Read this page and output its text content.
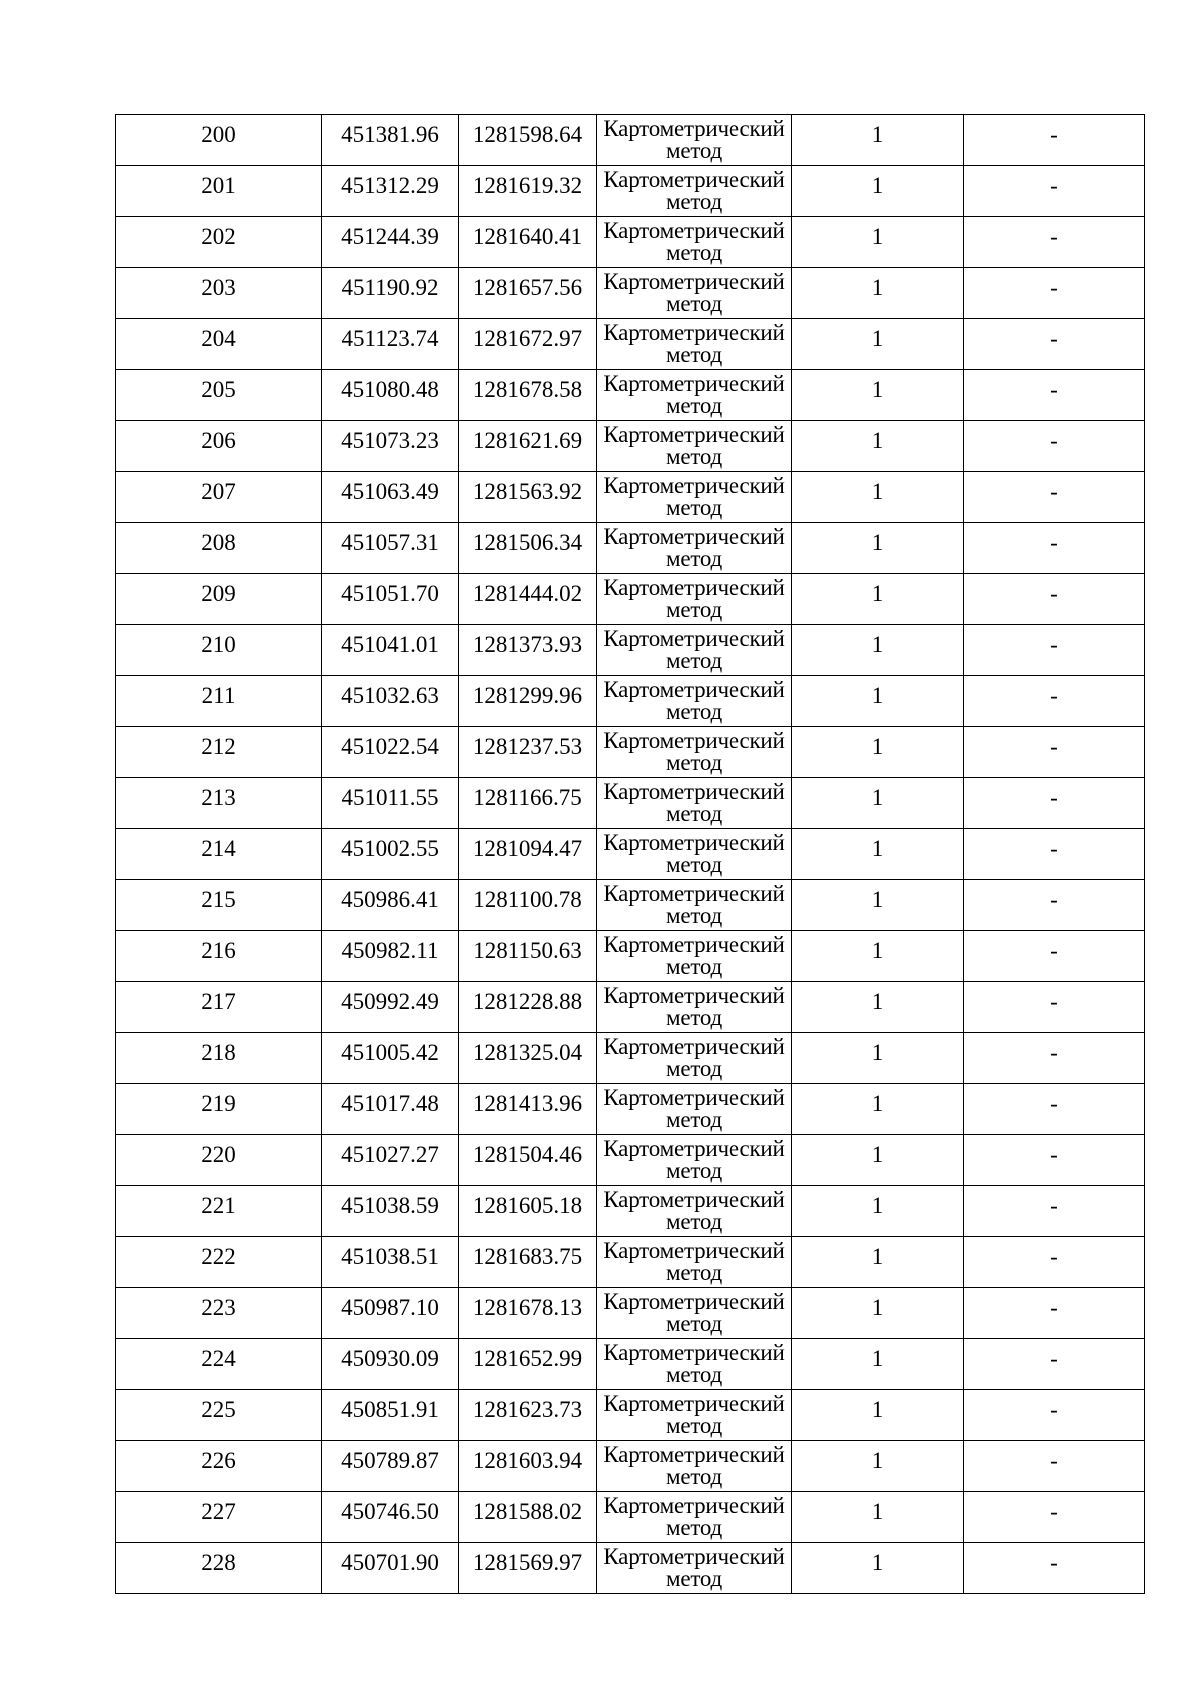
200	451381.96	1281598.64	Картометрический
метод	1	-
201	451312.29	1281619.32	Картометрический
метод	1	-
202	451244.39	1281640.41	Картометрический
метод	1	-
203	451190.92	1281657.56	Картометрический
метод	1	-
204	451123.74	1281672.97	Картометрический
метод	1	-
205	451080.48	1281678.58	Картометрический
метод	1	-
206	451073.23	1281621.69	Картометрический
метод	1	-
207	451063.49	1281563.92	Картометрический
метод	1	-
208	451057.31	1281506.34	Картометрический
метод	1	-
209	451051.70	1281444.02	Картометрический
метод	1	-
210	451041.01	1281373.93	Картометрический
метод	1	-
211	451032.63	1281299.96	Картометрический
метод	1	-
212	451022.54	1281237.53	Картометрический
метод	1	-
213	451011.55	1281166.75	Картометрический
метод	1	-
214	451002.55	1281094.47	Картометрический
метод	1	-
215	450986.41	1281100.78	Картометрический
метод	1	-
216	450982.11	1281150.63	Картометрический
метод	1	-
217	450992.49	1281228.88	Картометрический
метод	1	-
218	451005.42	1281325.04	Картометрический
метод	1	-
219	451017.48	1281413.96	Картометрический
метод	1	-
220	451027.27	1281504.46	Картометрический
метод	1	-
221	451038.59	1281605.18	Картометрический
метод	1	-
222	451038.51	1281683.75	Картометрический
метод	1	-
223	450987.10	1281678.13	Картометрический
метод	1	-
224	450930.09	1281652.99	Картометрический
метод	1	-
225	450851.91	1281623.73	Картометрический
метод	1	-
226	450789.87	1281603.94	Картометрический
метод	1	-
227	450746.50	1281588.02	Картометрический
метод	1	-
228	450701.90	1281569.97	Картометрический
метод	1	-
